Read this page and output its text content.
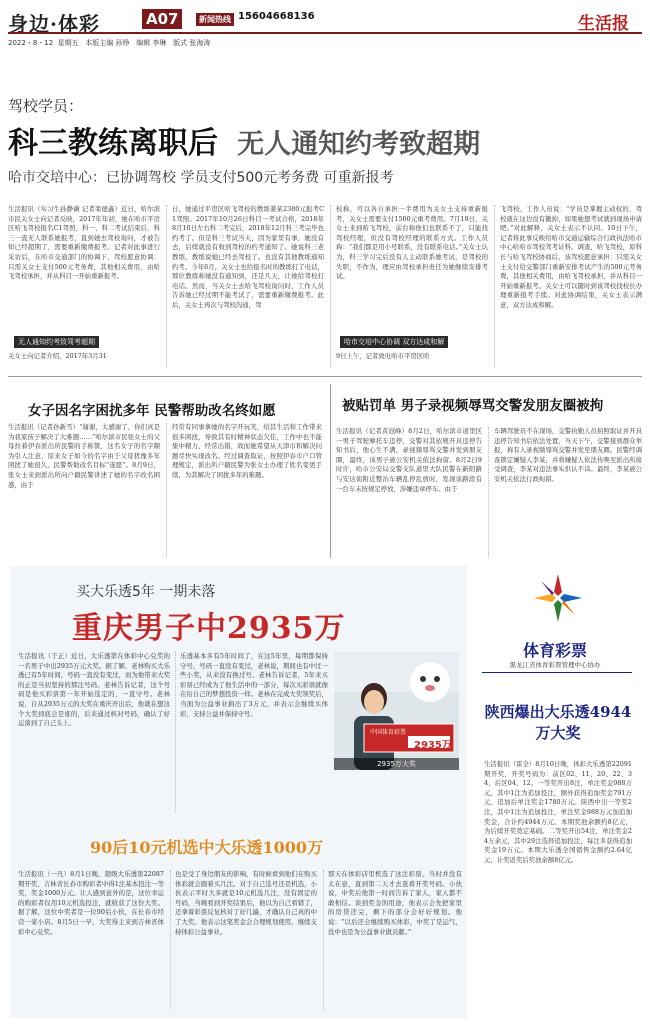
身边·体彩	A07	新闻热线 15604668136	生活报
2022・8・12  星期五   本版主编 孙铮   编辑 李琳   版式 张海涛
驾校学员：
科三教练离职后 无人通知约考致超期
哈市交培中心：已协调驾校 学员支付500元考务费 可重新报考
生活报讯（实习生孙静薇 记者栾德鑫）近日，哈尔滨市民关女士向记者反映，2017年年初，她在哈市平房区哈飞驾校报名C1驾照，科一、科二考试结束后，科三一直无人联系她报考，直到她去驾校询问，才被告知已经超期了，需要重新缴费报考。记者对此事进行采访后，在哈市交通部门的协调下，驾校愿意协调：只需关女士支付500元考务费，其他相关费用，由哈飞驾校承担，并从科目一开始重新报考。
无人通知约考致驾考超期
关女士向记者介绍，2017年3月31
日，她通过平房区哈飞驾校的教练姜某2380元报考C1驾照。2017年10月26日科目一考试合格，2018年8月10日左右科二考完后，2018年12月科三考完毕也约考了。但是科三考试当天，因为家里有事，她没有去，后续就没有收到驾校的约考通知了。她说科三老教练，教练说她已经去驾校了。也没有其他教练通知约考。今年6月，关女士也给报名时的教练打了电话，那位教练称她没有通知到，还是几天，让她给驾校打电话。然而，当关女士去哈飞驾校询问时，工作人员告诉她已经过期不能考试了，需要重新缴费报考。此后，关女士再次与驾校沟通，驾
校称，可以各自承担一半费用为关女士支持重新报考，关女士需要支付1500元重考费用。7月19日，关女士来到哈飞驾校，前台称他们也联系不了，只能找驾校经理，但没有驾校经理的联系方式。工作人员称：“我们都是用小号联系，没有联系电话。”关女士认为，科三学习完后没有人主动联系她考试，是驾校的失职，不作为，理应由驾校承担责任为她继续安排考试。
哈市交培中心协调 双方达成和解
9日上午，记者致电哈市平房区哈
飞驾校，工作人员说：“学员是掌握主动权的，驾校就在这边没有撤掉，如果她想考试就到现场申请吧。”对此解释，关女士表示不认同。10日下午，记者将此事反映给哈市交通运输综合行政执法哈市中心哈哈市驾校驾考证科。调查，哈飞驾校，原科长与哈飞驾校协商后，该驾校愿意承担：只需关女士支付给交警部门重新安排考试产生的500元考务费，其他相关费用，由哈飞驾校承担，并从科目一开始重新报考。关女士可以随时到该驾校找校长办理重新报考手续。对此协调结果，关女士表示满意，双方达成和解。
女子因名字困扰多年 民警帮助改名终如愿
生活报讯（记者孙新雪）“谢谢，太感谢了，你们真是为我家孩子解决了大难题……”哈尔滨市民张女士的父母拉着伊春派出所民警的手称赞，这名女子的名字颇为引人注意，原来女子如今的名字由于父母犹豫多年困扰了她很久，民警帮助改名目标“遂愿”。8月9日，张女士来到派出所向户籍民警讲述了她的名字改名困惑，由于
经常有同事拿她的名字开玩笑，给其生活和工作带来很多困扰，导致其有时精神状态欠佳，工作中也不能集中精力，经常出错，故而她希望从天津市和解决问题尽快实现改名。经过调查取证，按照伊春市户口管理规定，派出所户籍民警为张女士办理了姓名变更手续，为其解决了困扰多年的难题。
被贴罚单 男子录视频辱骂交警发朋友圈被拘
生活报讯（记者黄冠峰）8月2日，哈尔滨市道里区一男子驾驶摩托车违停，交警对其依规开具违停告知书后，他心生不满，录视频辱骂交警并发到朋友圈，最终，该男子被公安机关依法拘留。8月2日9时许，哈市公安局交警支队道里大队民警在新阳路与安达街附近整治车辆乱停乱放时，发现该路段有一台车未按规定停放，涉嫌违章停车。由于
车辆驾驶员不在现场，交警执勤人员拍照取证并开具违停告知书后依法处置，当天下午，交警接到群众举报，称有人录视频辱骂交警并发至朋友圈。民警经调查锁定嫌疑人李某，并将嫌疑人依法传唤至派出所接受调查，李某对违法事实供认不讳。最终，李某被公安机关依法行政拘留。
买大乐透5年 一期未落
重庆男子中2935万
生活报讯（于正）近日，大乐透第在体彩中心兑奖的一名男子中出2935万元大奖。据了解，老林购买大乐透已有5年时间，号码一直没有变过，而为他带来大奖的正是当初坚持的那注号码。老林告诉记者，这个号码是他买彩票第一年开始选定的，一直守号。老林说，自从2935万元的大奖在重庆开出后，他就在想这个大奖到底会是谁的，后来通过核对号码，确认了好运落到了自己头上。
乐透基本多有5年时间了，在这5年里，每期都保持守号，号码一直没有变过，老林说，期间也有中过一些小奖，从来没有换过号。老林告诉记者，5年来买彩票已经成为了他生活中的一部分，每次买彩票就像在给自己的梦想投资一样。老林在完成大奖领奖后，当面为公益事业捐出了3万元，并表示会继续买体彩，支持公益并保持守号。
中国体育彩票
2935万
2935万大奖
90后10元机选中大乐透1000万
生活报讯（一凡）8月1日晚，超级大乐透第22087期开奖，吉林省长春市购彩者中得1注基本投注一等奖，奖金1000万元。让人感到意外的是，这位幸运的购彩者仅用10元机选投注，就收获了这份大奖。据了解，这位中奖者是一位90后小伙，在长春市经营一家小店。8月5日一早，大奖得主来到吉林省体彩中心兑奖。
也是受了身边朋友的影响，有时候看到他们在购买体彩就会跟着买几注。对于自己选号还是机选，小伙表示平时大多就是10元机选几注，没有固定的号码，当晚看到开奖结果后，他以为自己看错了，还拿着彩票反复核对了好几遍，才确认自己真的中了大奖。他表示这笔奖金会合理规划使用，继续支持体彩公益事业。
那天在体彩店里机选了这注彩票，当时并没有太在意，直到第二天才去查看开奖号码。小伙说，中奖后他第一时间告诉了家人，家人都不敢相信。谈到奖金的用途，他表示会先把家里的房贷还完，剩下的部分会好好规划。他说：“以后还会继续购买体彩，中奖了是运气，没中也是为公益事业做贡献。”
体育彩票
黑龙江省体育彩票管理中心协办
陕西爆出大乐透4944万大奖
生活报讯（雷全）8月10日晚，体彩大乐透第22091期开奖，开奖号码为：前区02、11、20、22、34，后区04、12。一等奖开出8注，单注奖金988万元，其中1注为追加投注，额外获得追加奖金791万元，追加后单注奖金1780万元。陕西中出一等奖2注，其中1注为追加投注，单注奖金988万元加追加奖金，合计约4944万元。本期奖池余额约8亿元，为后续开奖奠定基础。二等奖开出54注，单注奖金24万余元，其中29注选择追加投注，每注多获得追加奖金19万元。本期大乐透全国销售金额约2.64亿元，计奖返奖后奖池余额8亿元。
